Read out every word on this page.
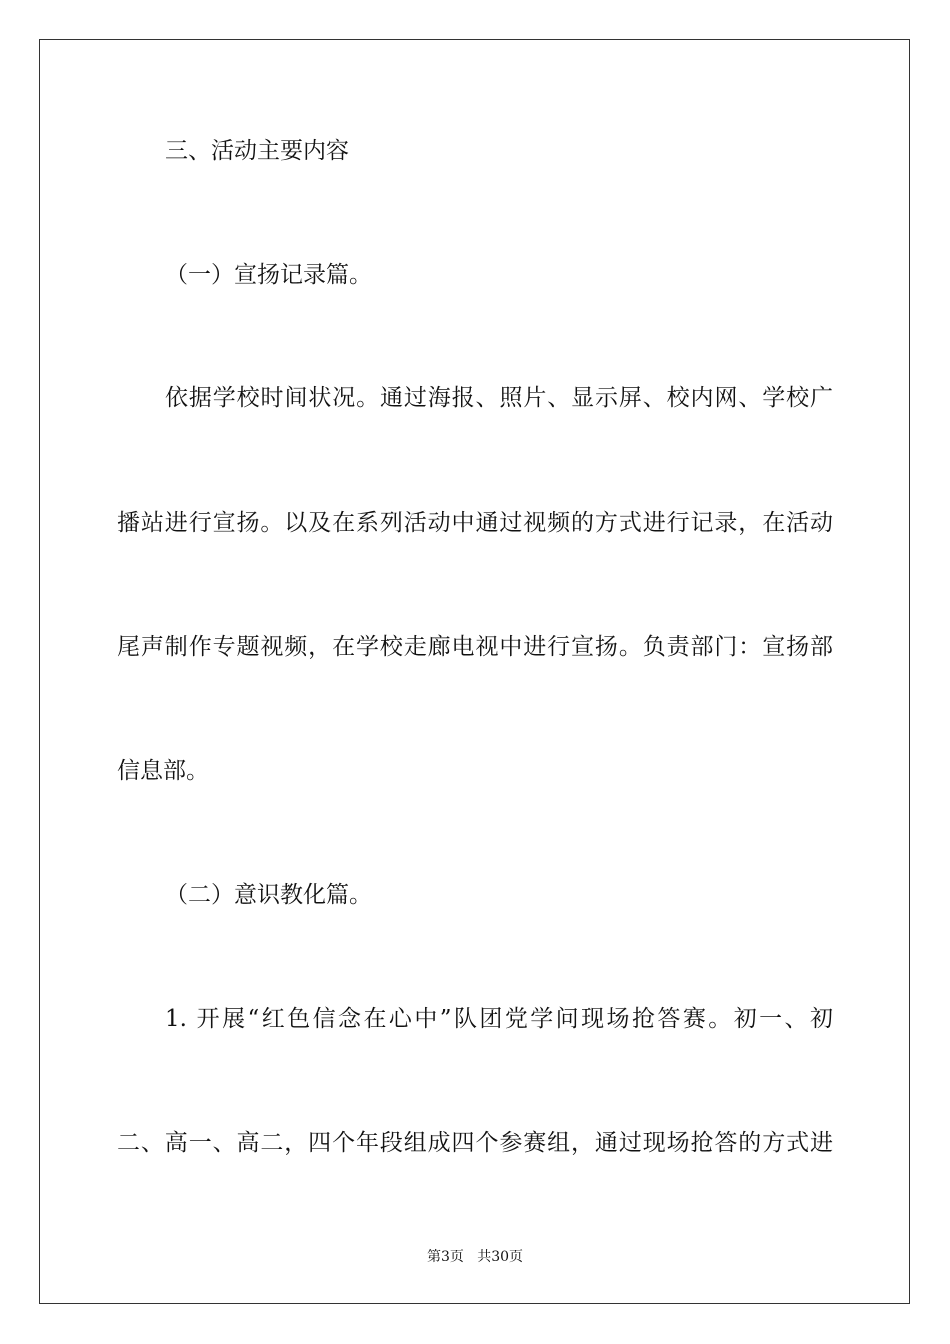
三、活动主要内容
（一）宣扬记录篇。
依据学校时间状况。通过海报、照片、显示屏、校内网、学校广
播站进行宣扬。以及在系列活动中通过视频的方式进行记录，在活动
尾声制作专题视频，在学校走廊电视中进行宣扬。负责部门：宣扬部
信息部。
（二）意识教化篇。
1. 开展“红色信念在心中”队团党学问现场抢答赛。初一、初
二、高一、高二，四个年段组成四个参赛组，通过现场抢答的方式进
第3页   共30页
